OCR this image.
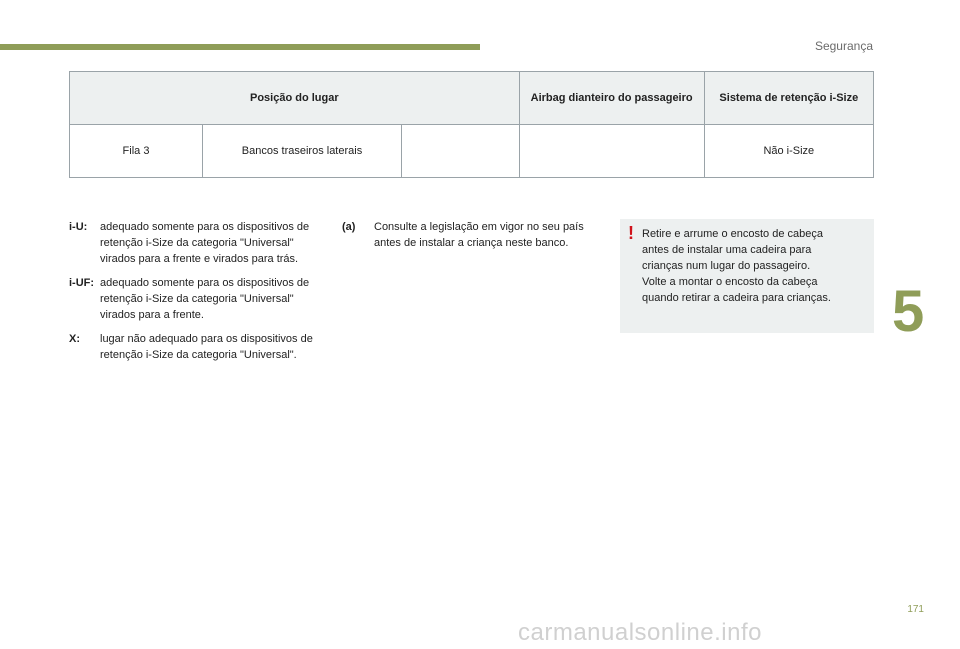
Segurança
Posição do lugar			Airbag dianteiro do passageiro	Sistema de retenção i-Size
Fila 3	Bancos traseiros laterais			Não i-Size
i-U:	adequado somente para os dispositivos de retenção i-Size da categoria "Universal" virados para a frente e virados para trás.
i-UF: adequado somente para os dispositivos de retenção i-Size da categoria "Universal" virados para a frente.
X:	lugar não adequado para os dispositivos de retenção i-Size da categoria "Universal".
(a)	Consulte a legislação em vigor no seu país antes de instalar a criança neste banco.	! Retire e arrume o encosto de cabeça
antes de instalar uma cadeira para
crianças num lugar do passageiro.
Volte a montar o encosto da cabeça
quando retirar a cadeira para crianças.	5
171
carmanualsonline.info
